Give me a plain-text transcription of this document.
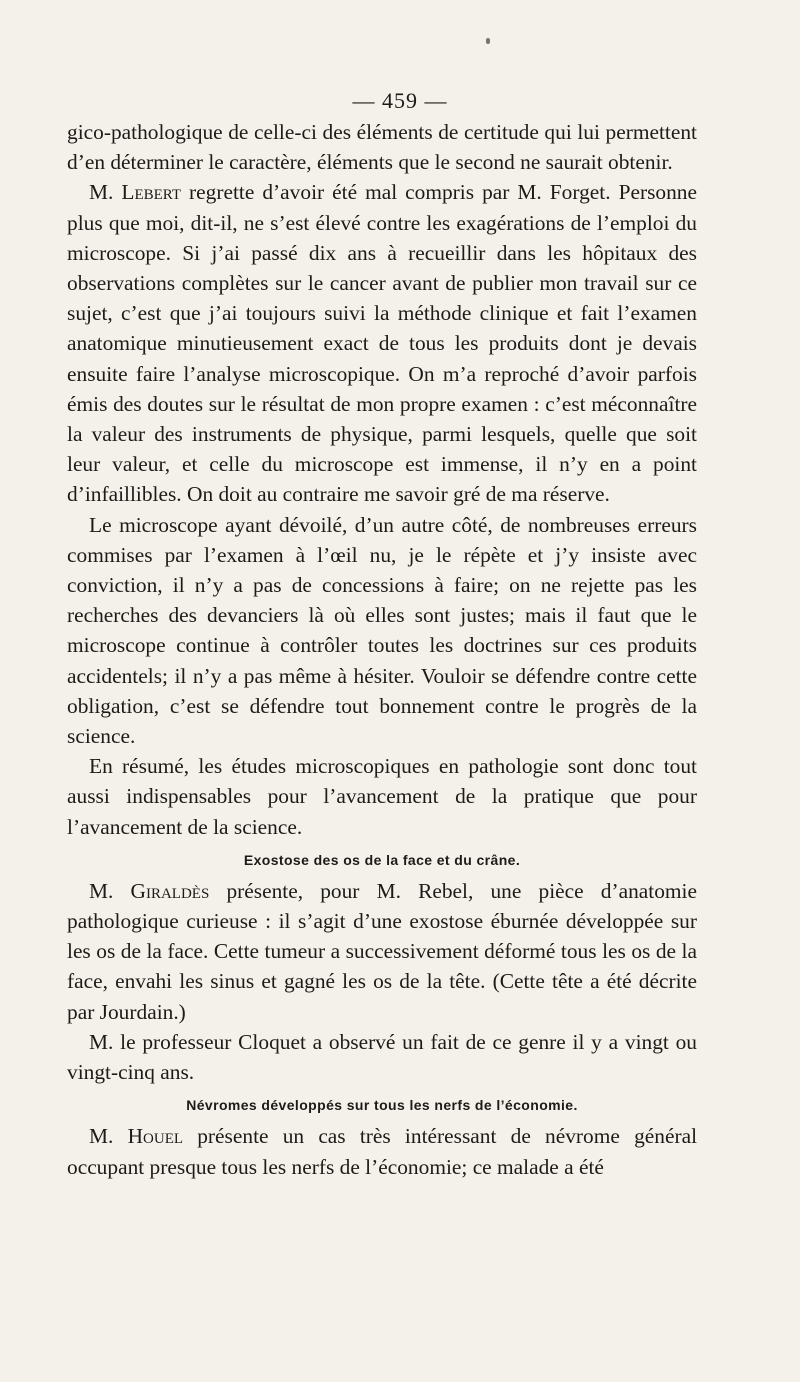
— 459 —

gico-pathologique de celle-ci des éléments de certitude qui lui permettent d’en déterminer le caractère, éléments que le second ne saurait obtenir.

M. Lebert regrette d’avoir été mal compris par M. Forget. Personne plus que moi, dit-il, ne s’est élevé contre les exagérations de l’emploi du microscope. Si j’ai passé dix ans à recueillir dans les hôpitaux des observations complètes sur le cancer avant de publier mon travail sur ce sujet, c’est que j’ai toujours suivi la méthode clinique et fait l’examen anatomique minutieusement exact de tous les produits dont je devais ensuite faire l’analyse microscopique. On m’a reproché d’avoir parfois émis des doutes sur le résultat de mon propre examen : c’est méconnaître la valeur des instruments de physique, parmi lesquels, quelle que soit leur valeur, et celle du microscope est immense, il n’y en a point d’infaillibles. On doit au contraire me savoir gré de ma réserve.

Le microscope ayant dévoilé, d’un autre côté, de nombreuses erreurs commises par l’examen à l’œil nu, je le répète et j’y insiste avec conviction, il n’y a pas de concessions à faire; on ne rejette pas les recherches des devanciers là où elles sont justes; mais il faut que le microscope continue à contrôler toutes les doctrines sur ces produits accidentels; il n’y a pas même à hésiter. Vouloir se défendre contre cette obligation, c’est se défendre tout bonnement contre le progrès de la science.

En résumé, les études microscopiques en pathologie sont donc tout aussi indispensables pour l’avancement de la pratique que pour l’avancement de la science.

Exostose des os de la face et du crâne.

M. Giraldès présente, pour M. Rebel, une pièce d’anatomie pathologique curieuse : il s’agit d’une exostose éburnée développée sur les os de la face. Cette tumeur a successivement déformé tous les os de la face, envahi les sinus et gagné les os de la tête. (Cette tête a été décrite par Jourdain.)

M. le professeur Cloquet a observé un fait de ce genre il y a vingt ou vingt-cinq ans.

Névromes développés sur tous les nerfs de l’économie.

M. Houel présente un cas très intéressant de névrome général occupant presque tous les nerfs de l’économie; ce malade a été
